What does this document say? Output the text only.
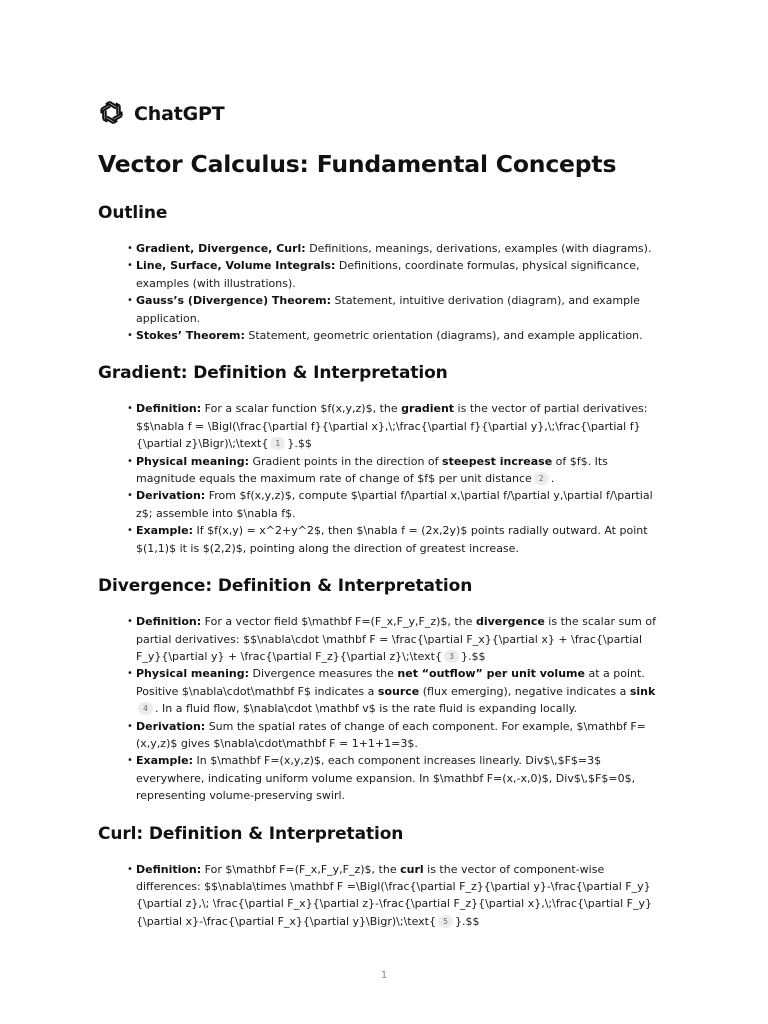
ChatGPT
Vector Calculus: Fundamental Concepts
Outline
• Gradient, Divergence, Curl: Definitions, meanings, derivations, examples (with diagrams).
• Line, Surface, Volume Integrals: Definitions, coordinate formulas, physical significance, examples (with illustrations).
• Gauss’s (Divergence) Theorem: Statement, intuitive derivation (diagram), and example application.
• Stokes’ Theorem: Statement, geometric orientation (diagrams), and example application.
Gradient: Definition & Interpretation
• Definition: For a scalar function $f(x,y,z)$, the gradient is the vector of partial derivatives: $$\nabla f = \Bigl(\frac{\partial f}{\partial x},\;\frac{\partial f}{\partial y},\;\frac{\partial f}{\partial z}\Bigr)\;\text{ 1 }.$$
• Physical meaning: Gradient points in the direction of steepest increase of $f$. Its magnitude equals the maximum rate of change of $f$ per unit distance 2 .
• Derivation: From $f(x,y,z)$, compute $\partial f/\partial x,\partial f/\partial y,\partial f/\partial z$; assemble into $\nabla f$.
• Example: If $f(x,y) = x^2+y^2$, then $\nabla f = (2x,2y)$ points radially outward. At point $(1,1)$ it is $(2,2)$, pointing along the direction of greatest increase.
Divergence: Definition & Interpretation
• Definition: For a vector field $\mathbf F=(F_x,F_y,F_z)$, the divergence is the scalar sum of partial derivatives: $$\nabla\cdot \mathbf F = \frac{\partial F_x}{\partial x} + \frac{\partial F_y}{\partial y} + \frac{\partial F_z}{\partial z}\;\text{ 3 }.$$
• Physical meaning: Divergence measures the net “outflow” per unit volume at a point. Positive $\nabla\cdot\mathbf F$ indicates a source (flux emerging), negative indicates a sink4 . In a fluid flow, $\nabla\cdot \mathbf v$ is the rate fluid is expanding locally.
• Derivation: Sum the spatial rates of change of each component. For example, $\mathbf F=(x,y,z)$ gives $\nabla\cdot\mathbf F = 1+1+1=3$.
• Example: In $\mathbf F=(x,y,z)$, each component increases linearly. Div$\,$F$=3$ everywhere, indicating uniform volume expansion. In $\mathbf F=(x,-x,0)$, Div$\,$F$=0$, representing volume-preserving swirl.
Curl: Definition & Interpretation
• Definition: For $\mathbf F=(F_x,F_y,F_z)$, the curl is the vector of component-wise differences: $$\nabla\times \mathbf F =\Bigl(\frac{\partial F_z}{\partial y}-\frac{\partial F_y}{\partial z},\; \frac{\partial F_x}{\partial z}-\frac{\partial F_z}{\partial x},\;\frac{\partial F_y}{\partial x}-\frac{\partial F_x}{\partial y}\Bigr)\;\text{ 5 }.$$
1
